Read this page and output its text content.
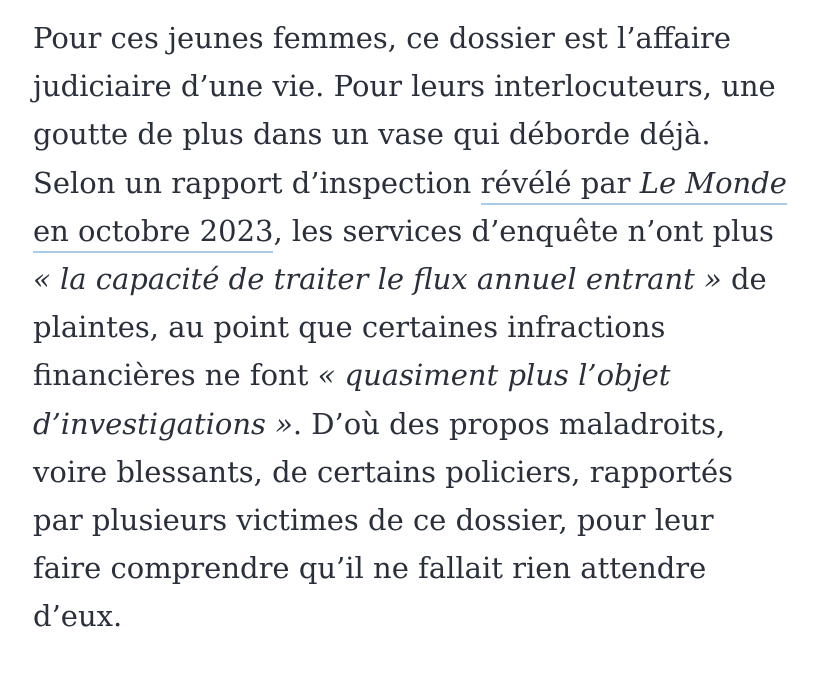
Pour ces jeunes femmes, ce dossier est l’affaire
judiciaire d’une vie. Pour leurs interlocuteurs, une
goutte de plus dans un vase qui déborde déjà.
Selon un rapport d’inspection révélé par Le Monde
en octobre 2023, les services d’enquête n’ont plus
« la capacité de traiter le flux annuel entrant » de
plaintes, au point que certaines infractions
financières ne font « quasiment plus l’objet
d’investigations ». D’où des propos maladroits,
voire blessants, de certains policiers, rapportés
par plusieurs victimes de ce dossier, pour leur
faire comprendre qu’il ne fallait rien attendre
d’eux.
